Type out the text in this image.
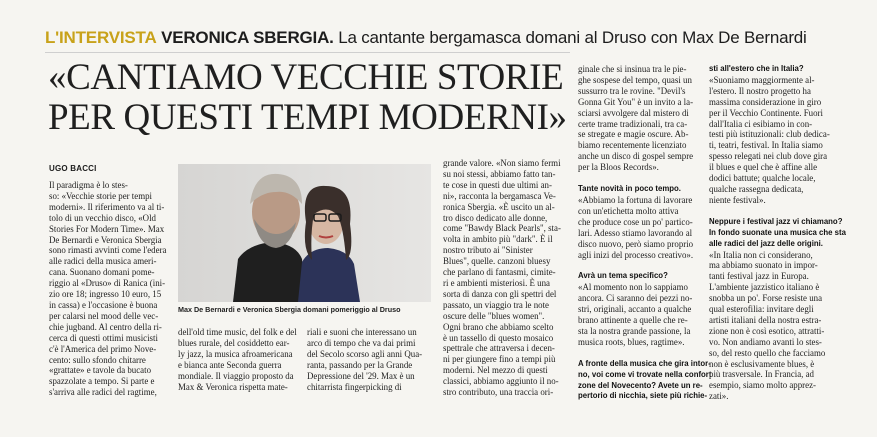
L'INTERVISTA VERONICA SBERGIA. La cantante bergamasca domani al Druso con Max De Bernardi
«CANTIAMO VECCHIE STORIE
PER QUESTI TEMPI MODERNI»
UGO BACCI
Il paradigma è lo stes-
so: «Vecchie storie per tempi
moderni». Il riferimento va al ti-
tolo di un vecchio disco, «Old
Stories For Modern Time». Max
De Bernardi e Veronica Sbergia
sono rimasti avvinti come l'edera
alle radici della musica ameri-
cana. Suonano domani pome-
riggio al «Druso» di Ranica (ini-
zio ore 18; ingresso 10 euro, 15
in cassa) e l'occasione è buona
per calarsi nel mood delle vec-
chie jugband. Al centro della ri-
cerca di questi ottimi musicisti
c'è l'America del primo Nove-
cento: sullo sfondo chitarre
«grattate» e tavole da bucato
spazzolate a tempo. Si parte e
s'arriva alle radici del ragtime,
Max De Bernardi e Veronica Sbergia domani pomeriggio al Druso
dell'old time music, del folk e del
blues rurale, del cosiddetto ear-
ly jazz, la musica afroamericana
e bianca ante Seconda guerra
mondiale. Il viaggio proposto da
Max & Veronica rispetta mate-
riali e suoni che interessano un
arco di tempo che va dai primi
del Secolo scorso agli anni Qua-
ranta, passando per la Grande
Depressione del '29. Max è un
chitarrista fingerpicking di
grande valore. «Non siamo fermi
su noi stessi, abbiamo fatto tan-
te cose in questi due ultimi an-
ni», racconta la bergamasca Ve-
ronica Sbergia. «È uscito un al-
tro disco dedicato alle donne,
come "Bawdy Black Pearls", sta-
volta in ambito più "dark". È il
nostro tributo ai "Sinister
Blues", quelle. canzoni bluesy
che parlano di fantasmi, cimite-
ri e ambienti misteriosi. È una
sorta di danza con gli spettri del
passato, un viaggio tra le note
oscure delle "blues women".
Ogni brano che abbiamo scelto
è un tassello di questo mosaico
spettrale che attraversa i decen-
ni per giungere fino a tempi più
moderni. Nel mezzo di questi
classici, abbiamo aggiunto il no-
stro contributo, una traccia ori-
ginale che si insinua tra le pie-
ghe sospese del tempo, quasi un
sussurro tra le rovine. "Devil's
Gonna Git You" è un invito a la-
sciarsi avvolgere dal mistero di
certe trame tradizionali, tra ca-
se stregate e magie oscure. Ab-
biamo recentemente licenziato
anche un disco di gospel sempre
per la Bloos Records».
Tante novità in poco tempo.
«Abbiamo la fortuna di lavorare
con un'etichetta molto attiva
che produce cose un po' partico-
lari. Adesso stiamo lavorando al
disco nuovo, però siamo proprio
agli inizi del processo creativo».
Avrà un tema specifico?
«Al momento non lo sappiamo
ancora. Ci saranno dei pezzi no-
stri, originali, accanto a qualche
brano attinente a quelle che re-
sta la nostra grande passione, la
musica roots, blues, ragtime».
A fronte della musica che gira intor-
no, voi come vi trovate nella confort
zone del Novecento? Avete un re-
pertorio di nicchia, siete più richie-
sti all'estero che in Italia?
«Suoniamo maggiormente al-
l'estero. Il nostro progetto ha
massima considerazione in giro
per il Vecchio Continente. Fuori
dall'Italia ci esibiamo in con-
testi più istituzionali: club dedica-
ti, teatri, festival. In Italia siamo
spesso relegati nei club dove gira
il blues e quel che è affine alle
dodici battute; qualche locale,
qualche rassegna dedicata,
niente festival».
Neppure i festival jazz vi chiamano?
In fondo suonate una musica che sta
alle radici del jazz delle origini.
«In Italia non ci considerano,
ma abbiamo suonato in impor-
tanti festival jazz in Europa.
L'ambiente jazzistico italiano è
snobba un po'. Forse resiste una
qual esterofilia: invitare degli
artisti italiani della nostra estra-
zione non è così esotico, attratti-
vo. Non andiamo avanti lo stes-
so, del resto quello che facciamo
non è esclusivamente blues, è
più trasversale. In Francia, ad
esempio, siamo molto apprez-
zati».
